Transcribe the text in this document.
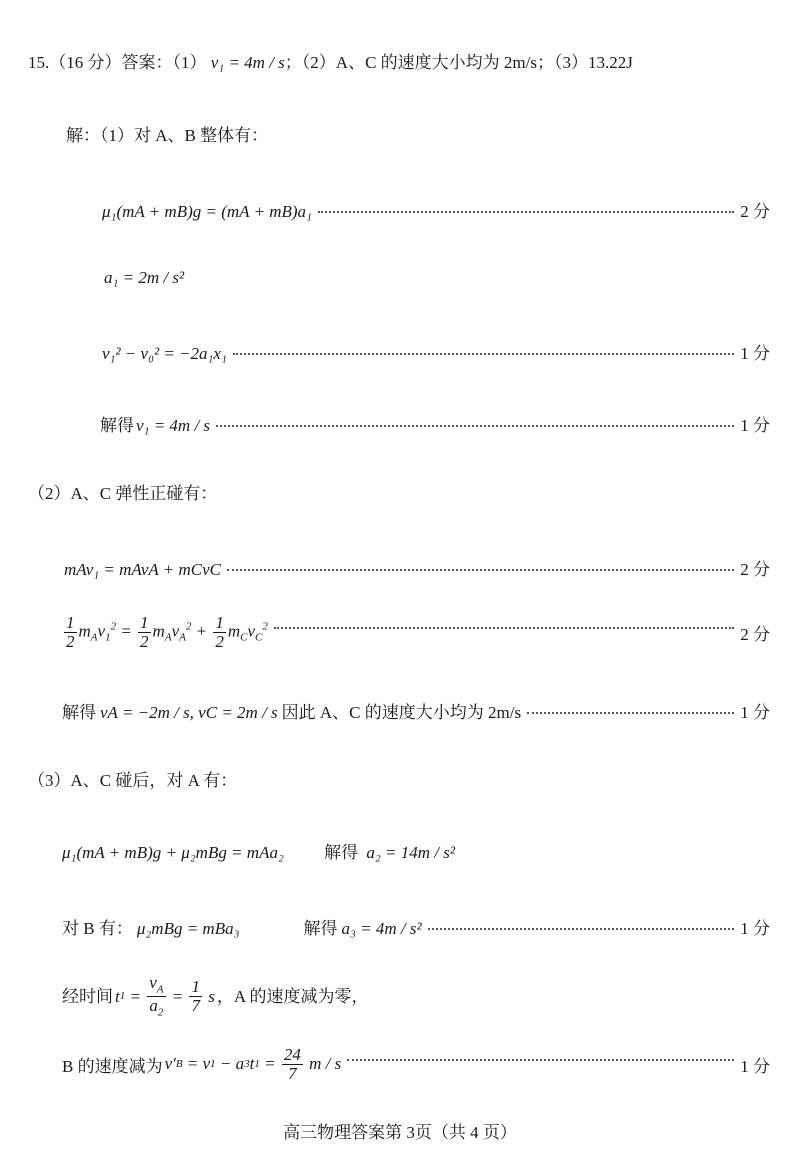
15.（16 分）答案：（1） v₁ = 4m / s；（2）A、C 的速度大小均为 2m/s；（3）13.22J
解：（1）对 A、B 整体有：
μ₁(mA + mB)g = (mA + mB)a₁	2 分
a₁ = 2m / s²
v₁² − v₀² = −2a₁x₁	1 分
解得 v₁ = 4m / s	1 分
（2）A、C 弹性正碰有：
mAv₁ = mAvA + mCvC	2 分
$\frac{1}{2} m_Av_1^2 = \frac{1}{2} m_Av_A^2 + \frac{1}{2} m_Cv_C^2$	2 分
解得 vA = −2m / s, vC = 2m / s 因此 A、C 的速度大小均为 2m/s	1 分
（3）A、C 碰后，对 A 有：
μ₁(mA + mB)g + μ₂mBg = mAa₂ 解得 a₂ = 14m / s²
对 B 有： μ₂mBg = mBa₃	解得 a₃ = 4m / s²	1 分
经时间 t $1 = \frac{v_A}{a_2} = \frac{1}{7}$ s ，A 的速度减为零，
B 的速度减为 v′ B = v 1 − a 3 t $1 = \frac{24}{7}$ m / s	1 分
高三物理答案第 3页（共 4 页）
